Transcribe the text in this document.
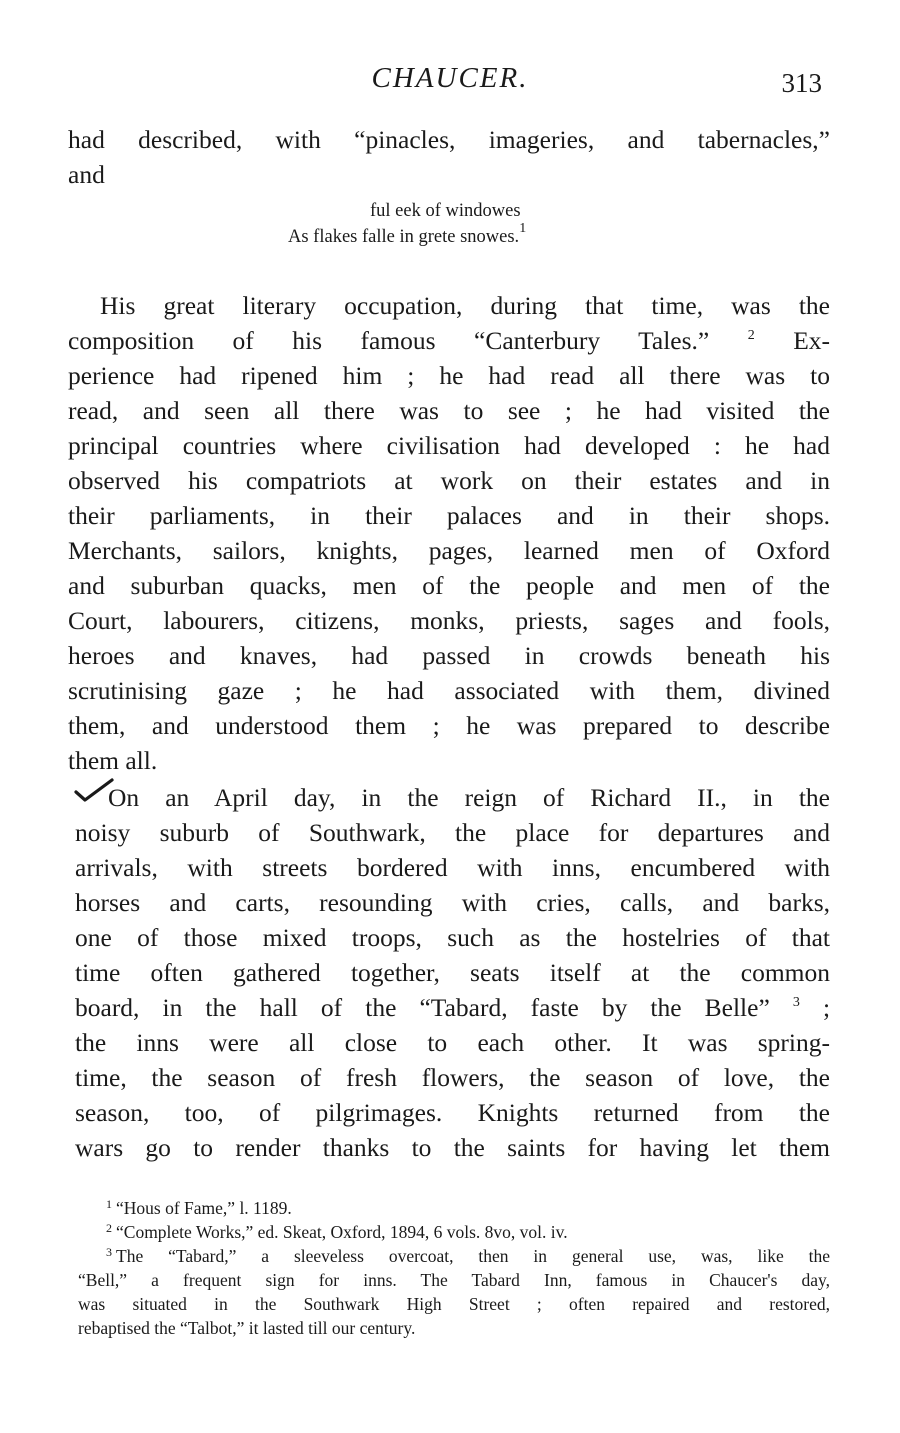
CHAUCER.	313
had described, with “pinacles, imageries, and tabernacles,”
and
ful eek of windowes
As flakes falle in grete snowes.$^1$
His great literary occupation, during that time, was the
composition of his famous “Canterbury Tales.”	$^2$ Ex-
perience had ripened him ; he had read all there was to
read, and seen all there was to see ; he had visited the
principal countries where civilisation had developed : he had
observed his compatriots at work on their estates and in
their parliaments, in their palaces and in their shops.
Merchants, sailors, knights, pages, learned men of Oxford
and suburban quacks, men of the people and men of the
Court, labourers, citizens, monks, priests, sages and fools,
heroes and knaves, had passed in crowds beneath his
scrutinising gaze ; he had associated with them, divined
them, and understood them ; he was prepared to describe
them all.
On an April day, in the reign of Richard II., in the
noisy suburb of Southwark, the place for departures and
arrivals, with streets bordered with inns, encumbered with
horses and carts, resounding with cries, calls, and barks,
one of those mixed troops, such as the hostelries of that
time often gathered together, seats itself at the common
board, in the hall of the “Tabard, faste by the Belle” $^3$ ;
the inns were all close to each other. It was spring-
time, the season of fresh flowers, the season of love, the
season, too, of pilgrimages. Knights returned from the
wars go to render thanks to the saints for having let them
$^1$ “Hous of Fame,” l. 1189.
$^2$ “Complete Works,” ed. Skeat, Oxford, 1894, 6 vols. 8vo, vol. iv.
$^3$ The “Tabard,” a sleeveless overcoat, then in general use, was, like the
“Bell,” a frequent sign for inns. The Tabard Inn, famous in Chaucer's day,
was situated in the Southwark High Street ; often repaired and restored,
rebaptised the “Talbot,” it lasted till our century.
